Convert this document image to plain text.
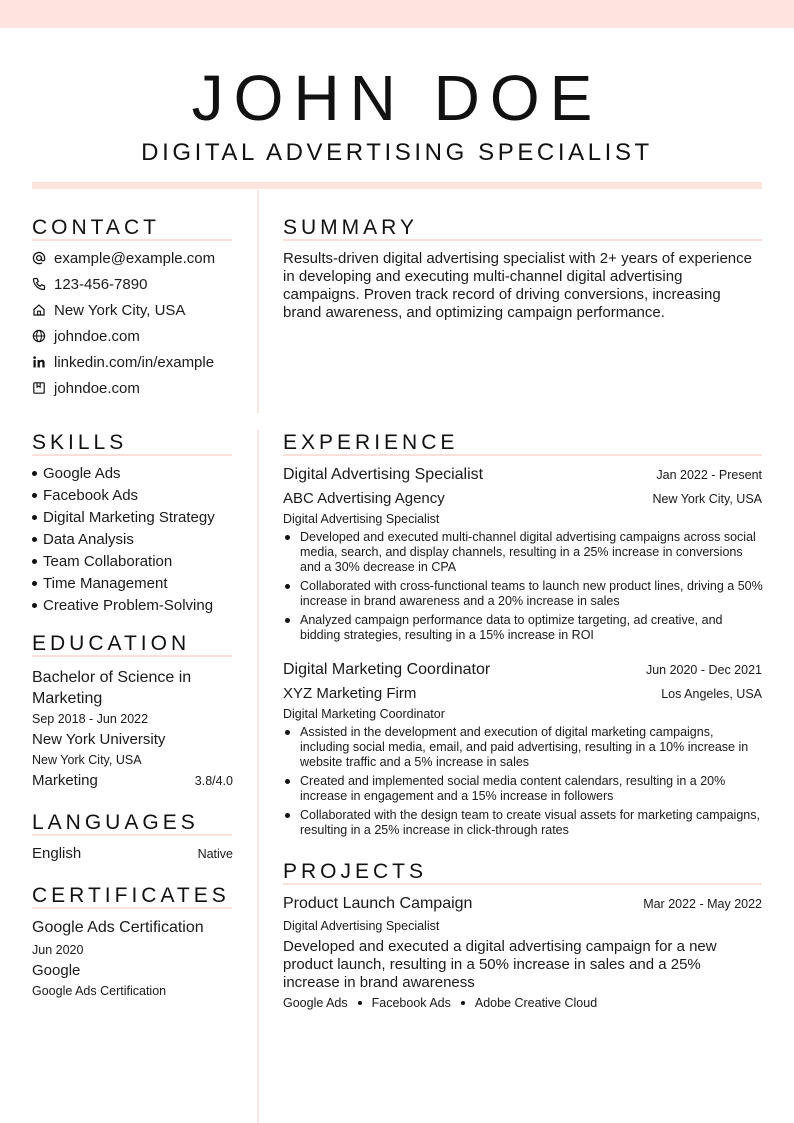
JOHN DOE
DIGITAL ADVERTISING SPECIALIST
CONTACT
example@example.com
123-456-7890
New York City, USA
johndoe.com
linkedin.com/in/example
johndoe.com
SUMMARY
Results-driven digital advertising specialist with 2+ years of experience in developing and executing multi-channel digital advertising campaigns. Proven track record of driving conversions, increasing brand awareness, and optimizing campaign performance.
SKILLS
Google Ads
Facebook Ads
Digital Marketing Strategy
Data Analysis
Team Collaboration
Time Management
Creative Problem-Solving
EDUCATION
Bachelor of Science in Marketing
Sep 2018 - Jun 2022
New York University
New York City, USA
Marketing	3.8/4.0
LANGUAGES
English	Native
CERTIFICATES
Google Ads Certification
Jun 2020
Google
Google Ads Certification
EXPERIENCE
Digital Advertising Specialist	Jan 2022 - Present
ABC Advertising Agency	New York City, USA
Digital Advertising Specialist
Developed and executed multi-channel digital advertising campaigns across social media, search, and display channels, resulting in a 25% increase in conversions and a 30% decrease in CPA
Collaborated with cross-functional teams to launch new product lines, driving a 50% increase in brand awareness and a 20% increase in sales
Analyzed campaign performance data to optimize targeting, ad creative, and bidding strategies, resulting in a 15% increase in ROI
Digital Marketing Coordinator	Jun 2020 - Dec 2021
XYZ Marketing Firm	Los Angeles, USA
Digital Marketing Coordinator
Assisted in the development and execution of digital marketing campaigns, including social media, email, and paid advertising, resulting in a 10% increase in website traffic and a 5% increase in sales
Created and implemented social media content calendars, resulting in a 20% increase in engagement and a 15% increase in followers
Collaborated with the design team to create visual assets for marketing campaigns, resulting in a 25% increase in click-through rates
PROJECTS
Product Launch Campaign	Mar 2022 - May 2022
Digital Advertising Specialist
Developed and executed a digital advertising campaign for a new product launch, resulting in a 50% increase in sales and a 25% increase in brand awareness
Google Ads Facebook Ads Adobe Creative Cloud
